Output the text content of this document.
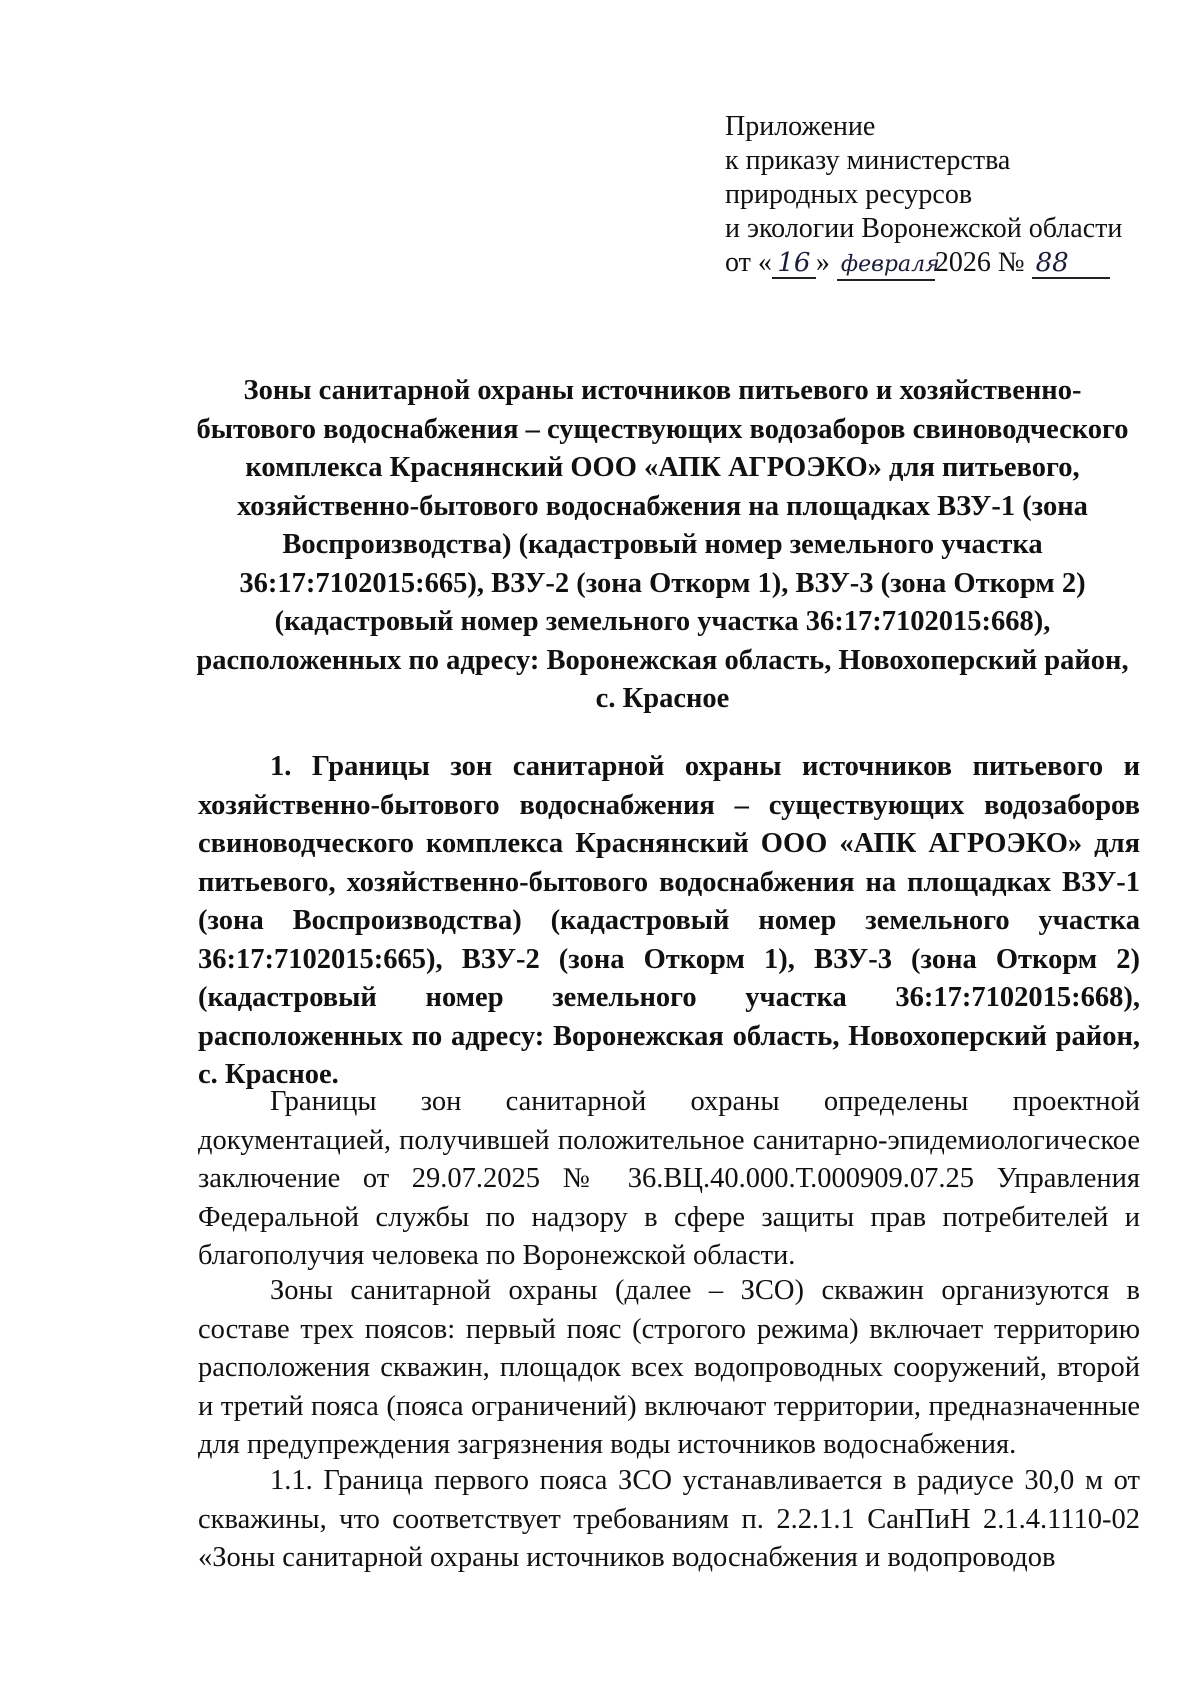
Приложение
к приказу министерства
природных ресурсов
и экологии Воронежской области
от « 16 » февраля2026 № 88
Зоны санитарной охраны источников питьевого и хозяйственно-бытового водоснабжения – существующих водозаборов свиноводческого комплекса Краснянский ООО «АПК АГРОЭКО» для питьевого, хозяйственно-бытового водоснабжения на площадках ВЗУ-1 (зона Воспроизводства) (кадастровый номер земельного участка 36:17:7102015:665), ВЗУ-2 (зона Откорм 1), ВЗУ-3 (зона Откорм 2) (кадастровый номер земельного участка 36:17:7102015:668), расположенных по адресу: Воронежская область, Новохоперский район, с. Красное
1. Границы зон санитарной охраны источников питьевого и хозяйственно-бытового водоснабжения – существующих водозаборов свиноводческого комплекса Краснянский ООО «АПК АГРОЭКО» для питьевого, хозяйственно-бытового водоснабжения на площадках ВЗУ-1 (зона Воспроизводства) (кадастровый номер земельного участка 36:17:7102015:665), ВЗУ-2 (зона Откорм 1), ВЗУ-3 (зона Откорм 2) (кадастровый номер земельного участка 36:17:7102015:668), расположенных по адресу: Воронежская область, Новохоперский район, с. Красное.
Границы зон санитарной охраны определены проектной документацией, получившей положительное санитарно-эпидемиологическое заключение от 29.07.2025 № 36.ВЦ.40.000.Т.000909.07.25 Управления Федеральной службы по надзору в сфере защиты прав потребителей и благополучия человека по Воронежской области.
Зоны санитарной охраны (далее – ЗСО) скважин организуются в составе трех поясов: первый пояс (строгого режима) включает территорию расположения скважин, площадок всех водопроводных сооружений, второй и третий пояса (пояса ограничений) включают территории, предназначенные для предупреждения загрязнения воды источников водоснабжения.
1.1. Граница первого пояса ЗСО устанавливается в радиусе 30,0 м от скважины, что соответствует требованиям п. 2.2.1.1 СанПиН 2.1.4.1110-02 «Зоны санитарной охраны источников водоснабжения и водопроводов
